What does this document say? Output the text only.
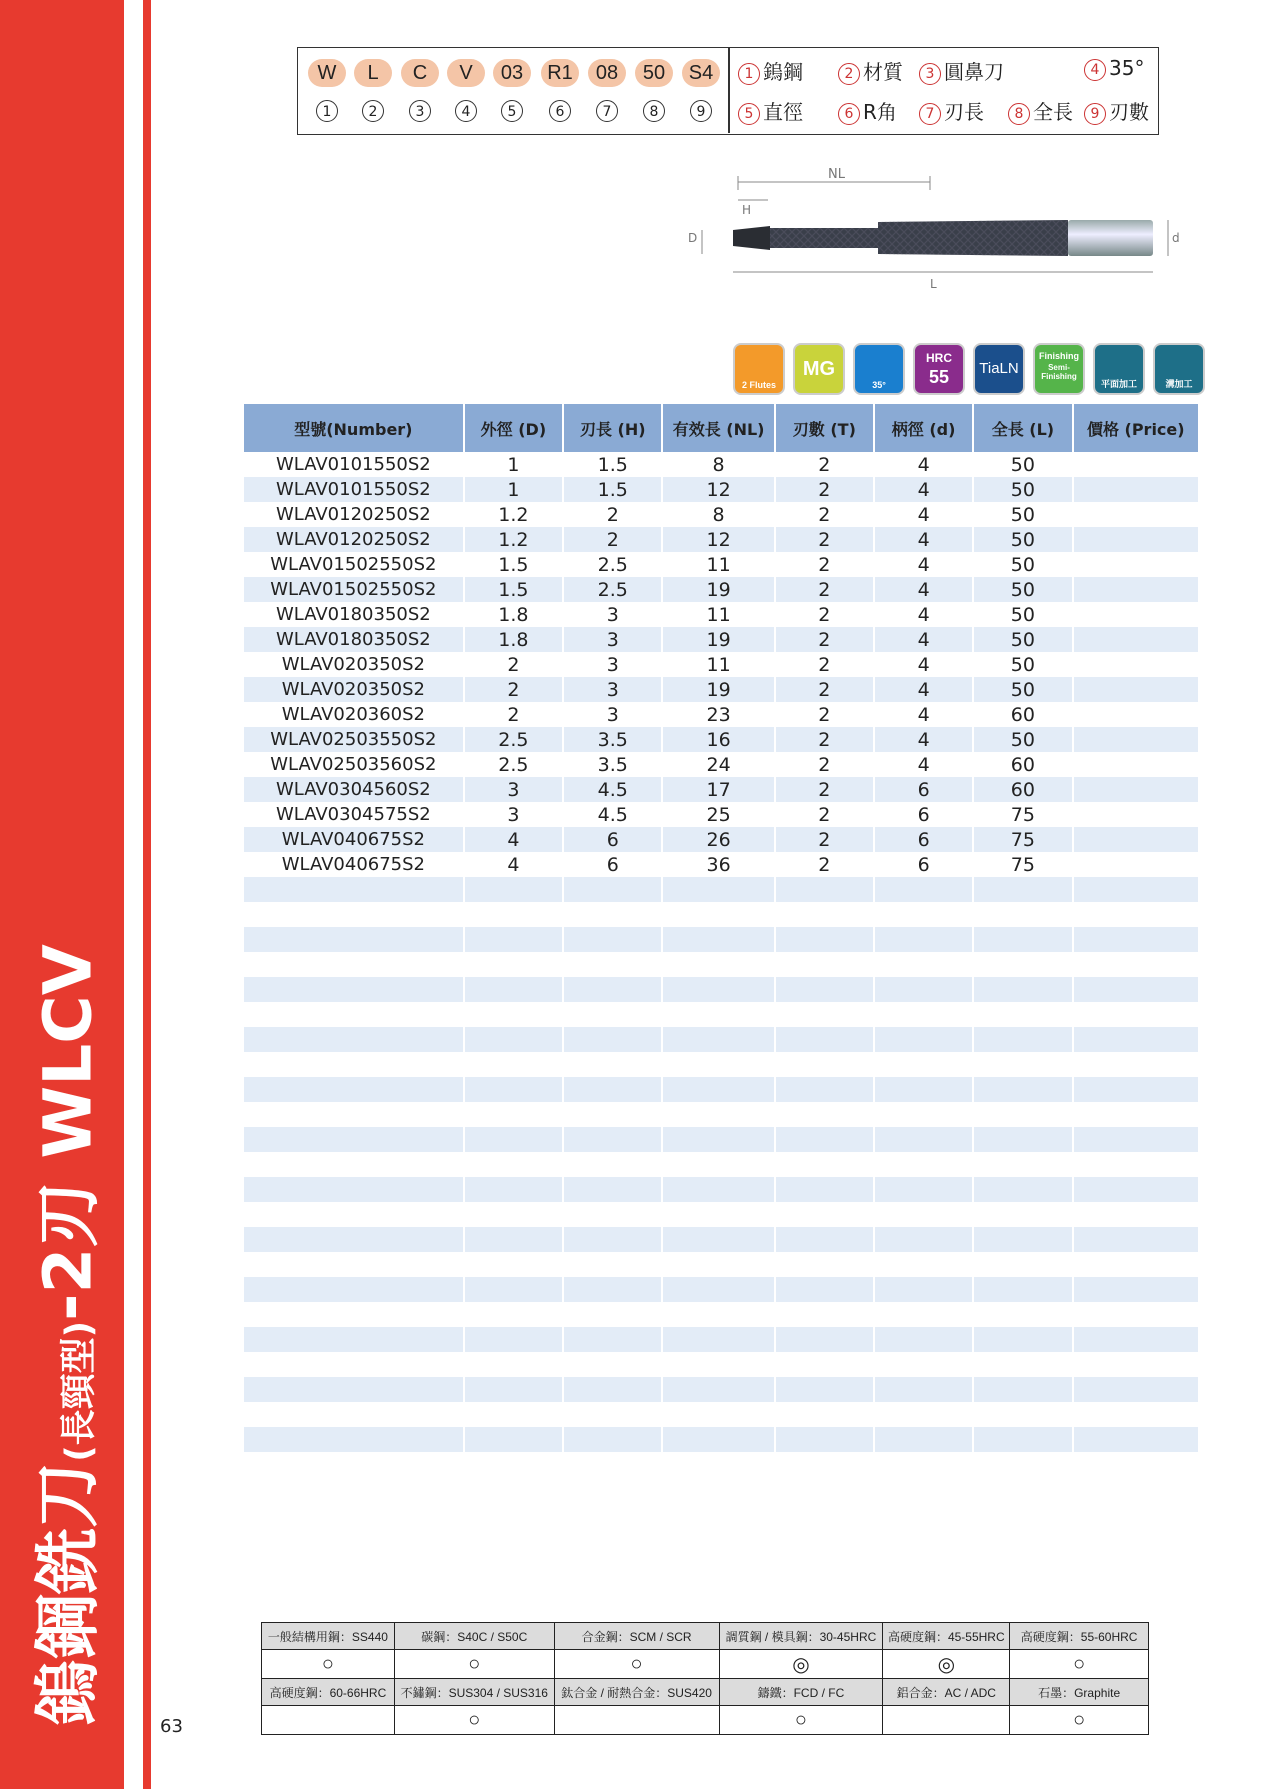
鎢鋼銑刀(長頸型)-2刃 WLCV
63
W	L	C	V	03	R1	08	50	S4
1	2	3	4	5	6	7	8	9
1 鎢鋼	2 材質	3 圓鼻刀	4 35°
5 直徑	6 R角	7 刃長	8 全長	9 刃數
NL
H
D	d
L
2 Flutes
MG
35°
HRC
55	TiaLN
Finishing
Semi-Finishing
平面加工	溝加工
型號(Number)	外徑 (D)	刃長 (H)	有效長 (NL)	刃數 (T)	柄徑 (d)	全長 (L)	價格 (Price)
WLAV0101550S2	1	1.5	8	2	4	50	
WLAV0101550S2	1	1.5	12	2	4	50	
WLAV0120250S2	1.2	2	8	2	4	50	
WLAV0120250S2	1.2	2	12	2	4	50	
WLAV01502550S2	1.5	2.5	11	2	4	50	
WLAV01502550S2	1.5	2.5	19	2	4	50	
WLAV0180350S2	1.8	3	11	2	4	50	
WLAV0180350S2	1.8	3	19	2	4	50	
WLAV020350S2	2	3	11	2	4	50	
WLAV020350S2	2	3	19	2	4	50	
WLAV020360S2	2	3	23	2	4	60	
WLAV02503550S2	2.5	3.5	16	2	4	50	
WLAV02503560S2	2.5	3.5	24	2	4	60	
WLAV0304560S2	3	4.5	17	2	6	60	
WLAV0304575S2	3	4.5	25	2	6	75	
WLAV040675S2	4	6	26	2	6	75	
WLAV040675S2	4	6	36	2	6	75	

一般結構用鋼：SS440	碳鋼：S40C / S50C	合金鋼：SCM / SCR	調質鋼 / 模具鋼：30-45HRC	高硬度鋼：45-55HRC	高硬度鋼：55-60HRC
○	○	○	◎	◎	○
高硬度鋼：60-66HRC	不鏽鋼：SUS304 / SUS316	鈦合金 / 耐熱合金：SUS420	鑄鐵：FCD / FC	鋁合金：AC / ADC	石墨：Graphite
	○		○		○
